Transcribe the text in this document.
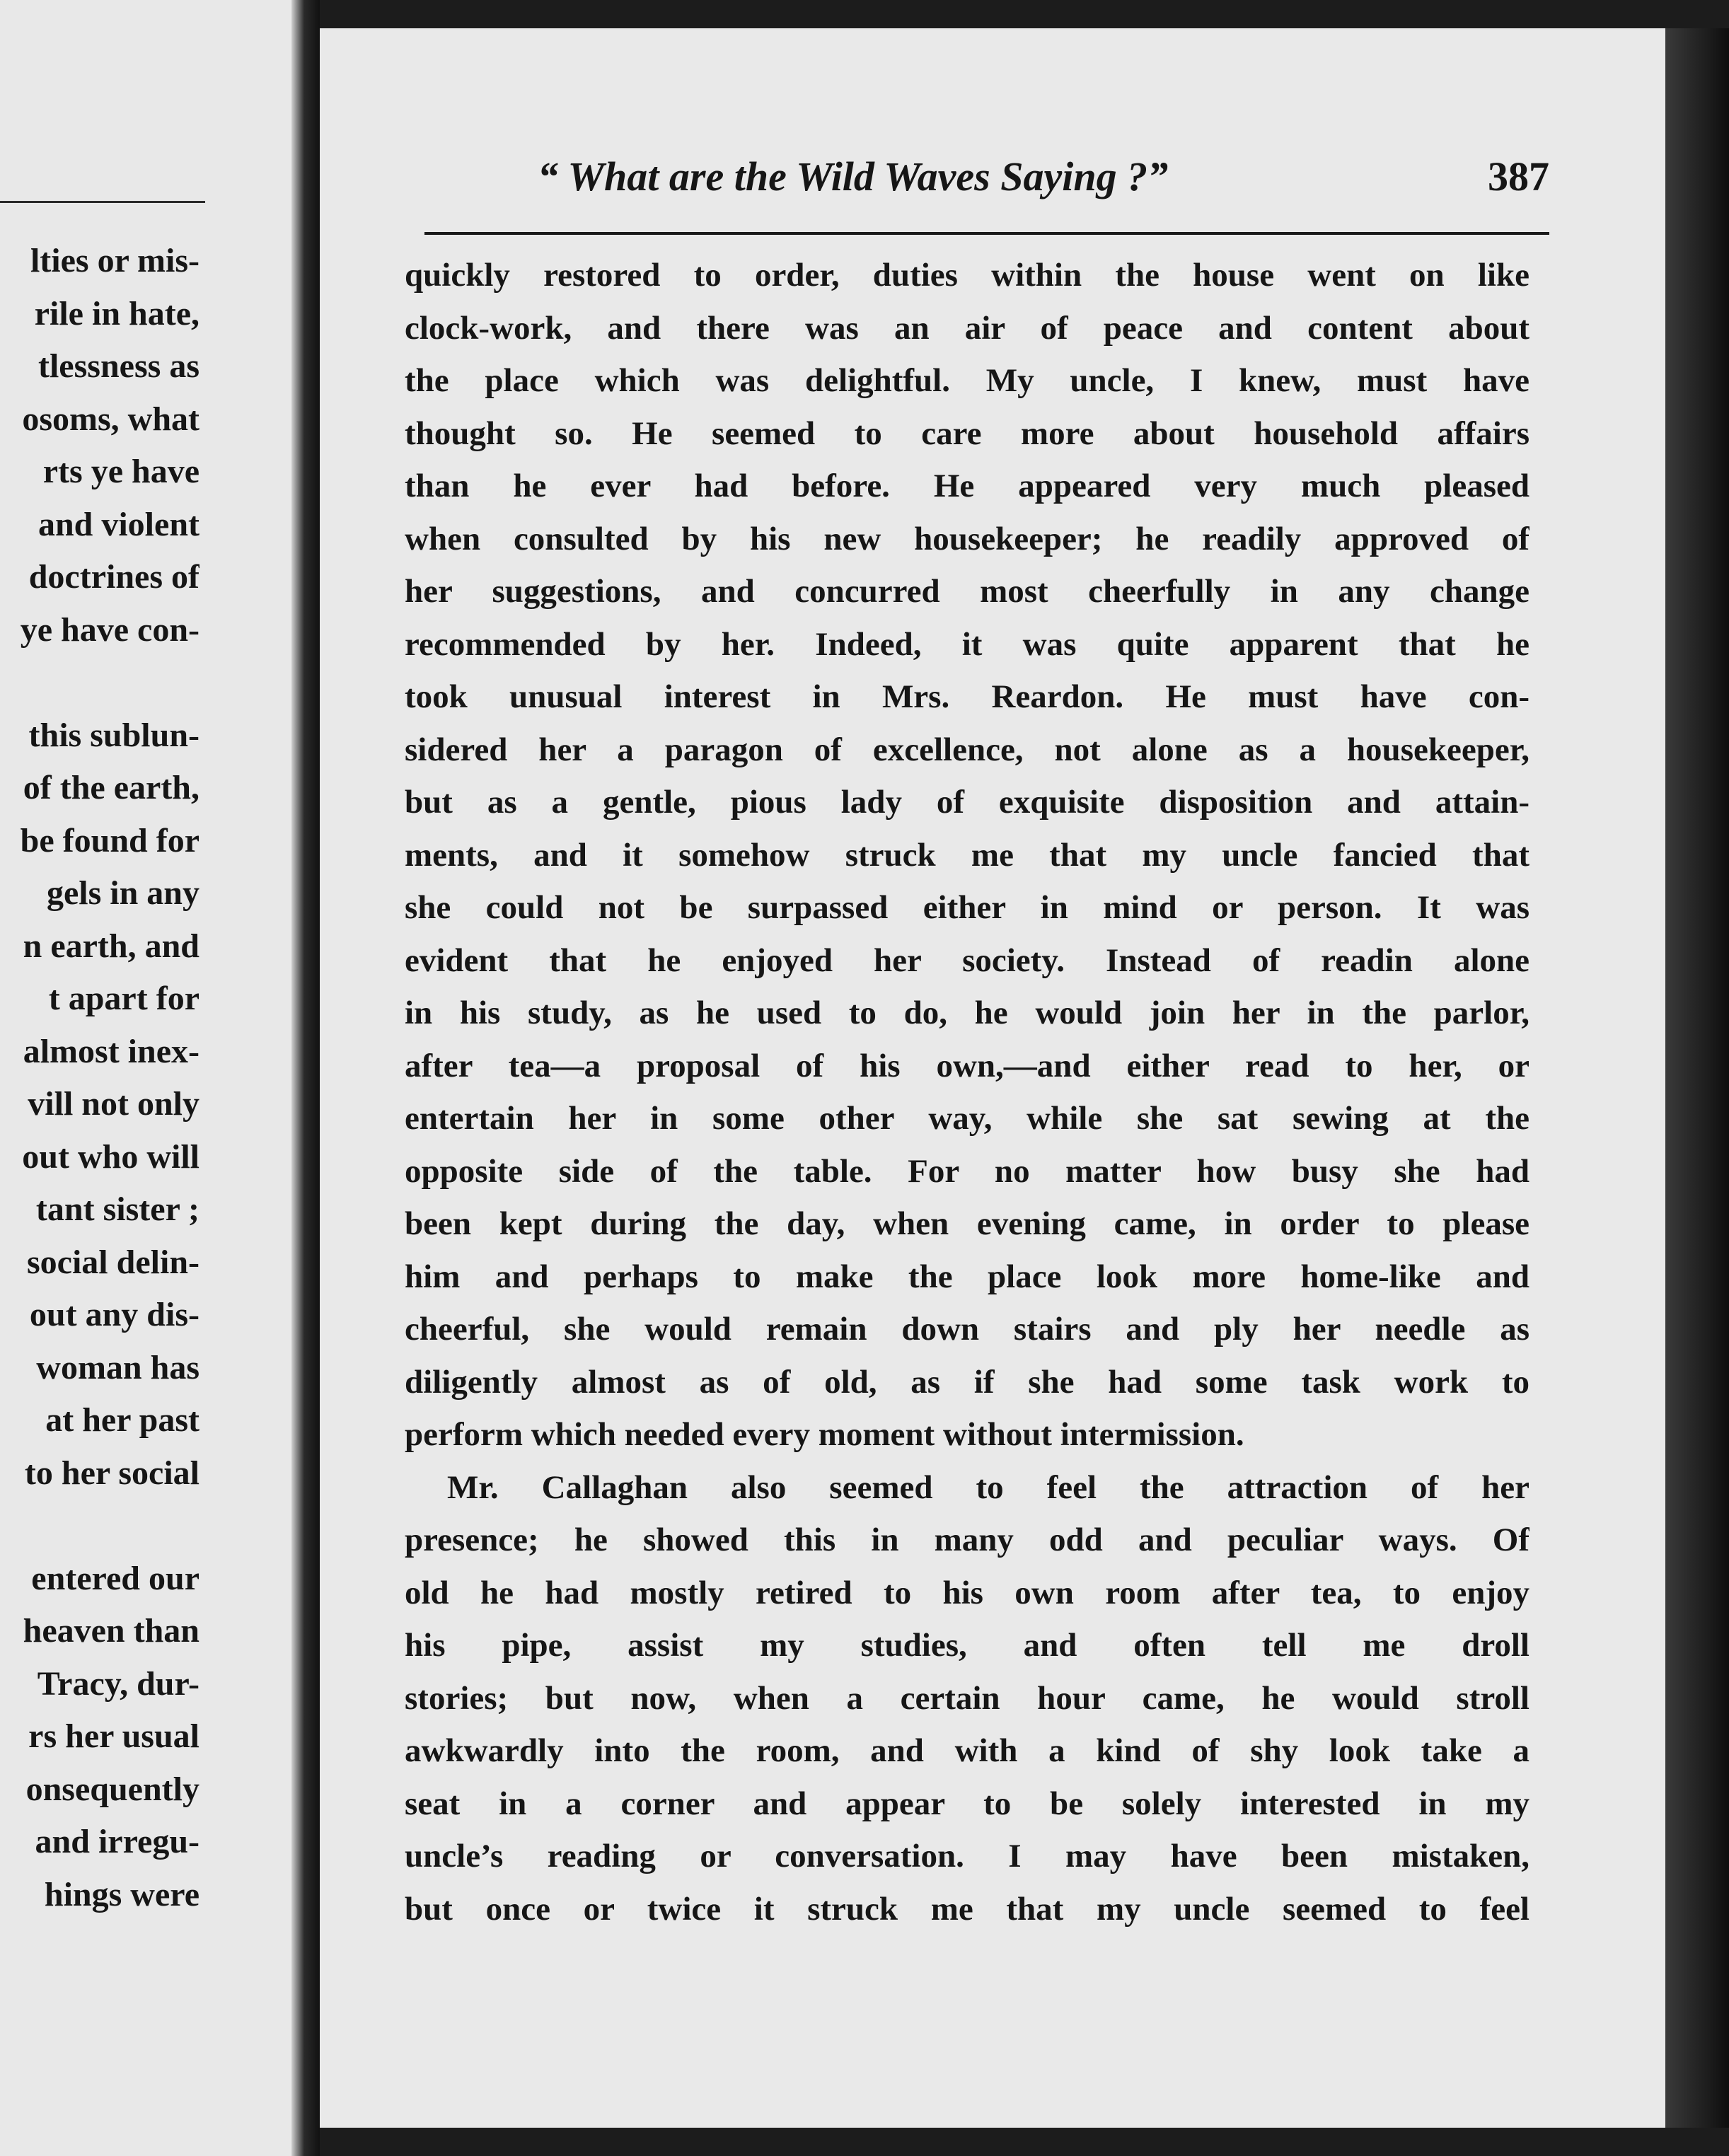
lties or mis-
rile in hate,
tlessness as
osoms, what
rts ye have
and violent
doctrines of
ye have con-
this sublun-
of the earth,
be found for
gels in any
n earth, and
t apart for
almost inex-
vill not only
out who will
tant sister ;
social delin-
out any dis-
woman has
at her past
to her social
entered our
heaven than
Tracy, dur-
rs her usual
onsequently
and irregu-
hings were
“ What are the Wild Waves Saying ?”	387
quickly restored to order, duties within the house went on like
clock-work, and there was an air of peace and content about
the place which was delightful. My uncle, I knew, must have
thought so. He seemed to care more about household affairs
than he ever had before. He appeared very much pleased
when consulted by his new housekeeper; he readily approved of
her suggestions, and concurred most cheerfully in any change
recommended by her. Indeed, it was quite apparent that he
took unusual interest in Mrs. Reardon. He must have con-
sidered her a paragon of excellence, not alone as a housekeeper,
but as a gentle, pious lady of exquisite disposition and attain-
ments, and it somehow struck me that my uncle fancied that
she could not be surpassed either in mind or person. It was
evident that he enjoyed her society. Instead of readin alone
in his study, as he used to do, he would join her in the parlor,
after tea—a proposal of his own,—and either read to her, or
entertain her in some other way, while she sat sewing at the
opposite side of the table. For no matter how busy she had
been kept during the day, when evening came, in order to please
him and perhaps to make the place look more home-like and
cheerful, she would remain down stairs and ply her needle as
diligently almost as of old, as if she had some task work to
perform which needed every moment without intermission.
Mr. Callaghan also seemed to feel the attraction of her
presence; he showed this in many odd and peculiar ways. Of
old he had mostly retired to his own room after tea, to enjoy
his pipe, assist my studies, and often tell me droll
stories; but now, when a certain hour came, he would stroll
awkwardly into the room, and with a kind of shy look take a
seat in a corner and appear to be solely interested in my
uncle’s reading or conversation. I may have been mistaken,
but once or twice it struck me that my uncle seemed to feel
